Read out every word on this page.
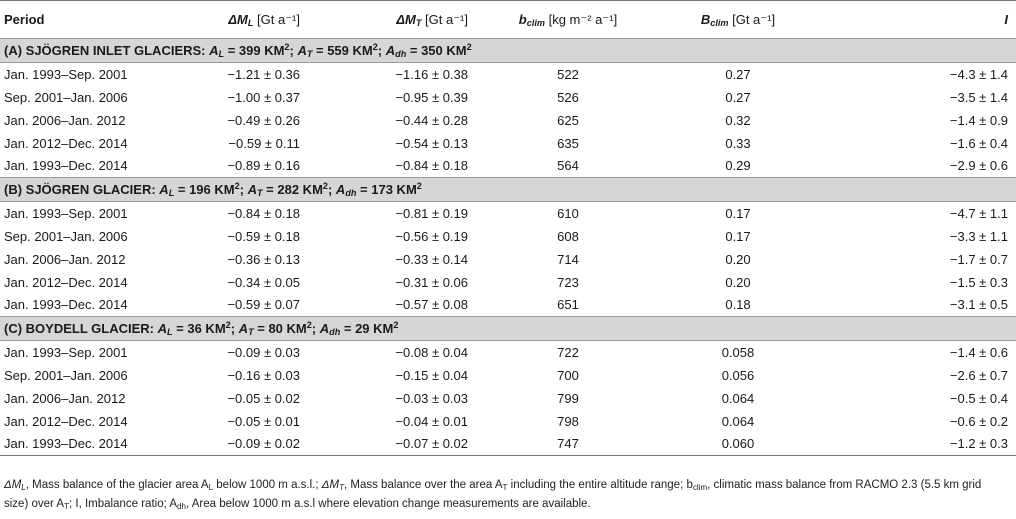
Period	$\Delta M_L$ [Gt a⁻¹]	$\Delta M_T$ [Gt a⁻¹]	$b_{clim}$ [kg m⁻² a⁻¹]	$B_{clim}$ [Gt a⁻¹]	I
(A) SJÖGREN INLET GLACIERS: $A_L = 399$ $KM^2$; $A_T = 559$ $KM^2$; $A_{dh} = 350$ $KM^2$
Jan. 1993–Sep. 2001	−1.21 ± 0.36	−1.16 ± 0.38	522	0.27	−4.3 ± 1.4
Sep. 2001–Jan. 2006	−1.00 ± 0.37	−0.95 ± 0.39	526	0.27	−3.5 ± 1.4
Jan. 2006–Jan. 2012	−0.49 ± 0.26	−0.44 ± 0.28	625	0.32	−1.4 ± 0.9
Jan. 2012–Dec. 2014	−0.59 ± 0.11	−0.54 ± 0.13	635	0.33	−1.6 ± 0.4
Jan. 1993–Dec. 2014	−0.89 ± 0.16	−0.84 ± 0.18	564	0.29	−2.9 ± 0.6
(B) SJÖGREN GLACIER: $A_L = 196$ $KM^2$; $A_T = 282$ $KM^2$; $A_{dh} = 173$ $KM^2$
Jan. 1993–Sep. 2001	−0.84 ± 0.18	−0.81 ± 0.19	610	0.17	−4.7 ± 1.1
Sep. 2001–Jan. 2006	−0.59 ± 0.18	−0.56 ± 0.19	608	0.17	−3.3 ± 1.1
Jan. 2006–Jan. 2012	−0.36 ± 0.13	−0.33 ± 0.14	714	0.20	−1.7 ± 0.7
Jan. 2012–Dec. 2014	−0.34 ± 0.05	−0.31 ± 0.06	723	0.20	−1.5 ± 0.3
Jan. 1993–Dec. 2014	−0.59 ± 0.07	−0.57 ± 0.08	651	0.18	−3.1 ± 0.5
(C) BOYDELL GLACIER: $A_L = 36$ $KM^2$; $A_T = 80$ $KM^2$; $A_{dh} = 29$ $KM^2$
Jan. 1993–Sep. 2001	−0.09 ± 0.03	−0.08 ± 0.04	722	0.058	−1.4 ± 0.6
Sep. 2001–Jan. 2006	−0.16 ± 0.03	−0.15 ± 0.04	700	0.056	−2.6 ± 0.7
Jan. 2006–Jan. 2012	−0.05 ± 0.02	−0.03 ± 0.03	799	0.064	−0.5 ± 0.4
Jan. 2012–Dec. 2014	−0.05 ± 0.01	−0.04 ± 0.01	798	0.064	−0.6 ± 0.2
Jan. 1993–Dec. 2014	−0.09 ± 0.02	−0.07 ± 0.02	747	0.060	−1.2 ± 0.3
$\Delta M_L$, Mass balance of the glacier area $A_L$ below 1000 m a.s.l.; $\Delta M_T$, Mass balance over the area $A_T$ including the entire altitude range; $b_{clim}$, climatic mass balance from RACMO 2.3 (5.5 km grid size) over $A_T$; I, Imbalance ratio; $A_{dh}$, Area below 1000 m a.s.l where elevation change measurements are available.
